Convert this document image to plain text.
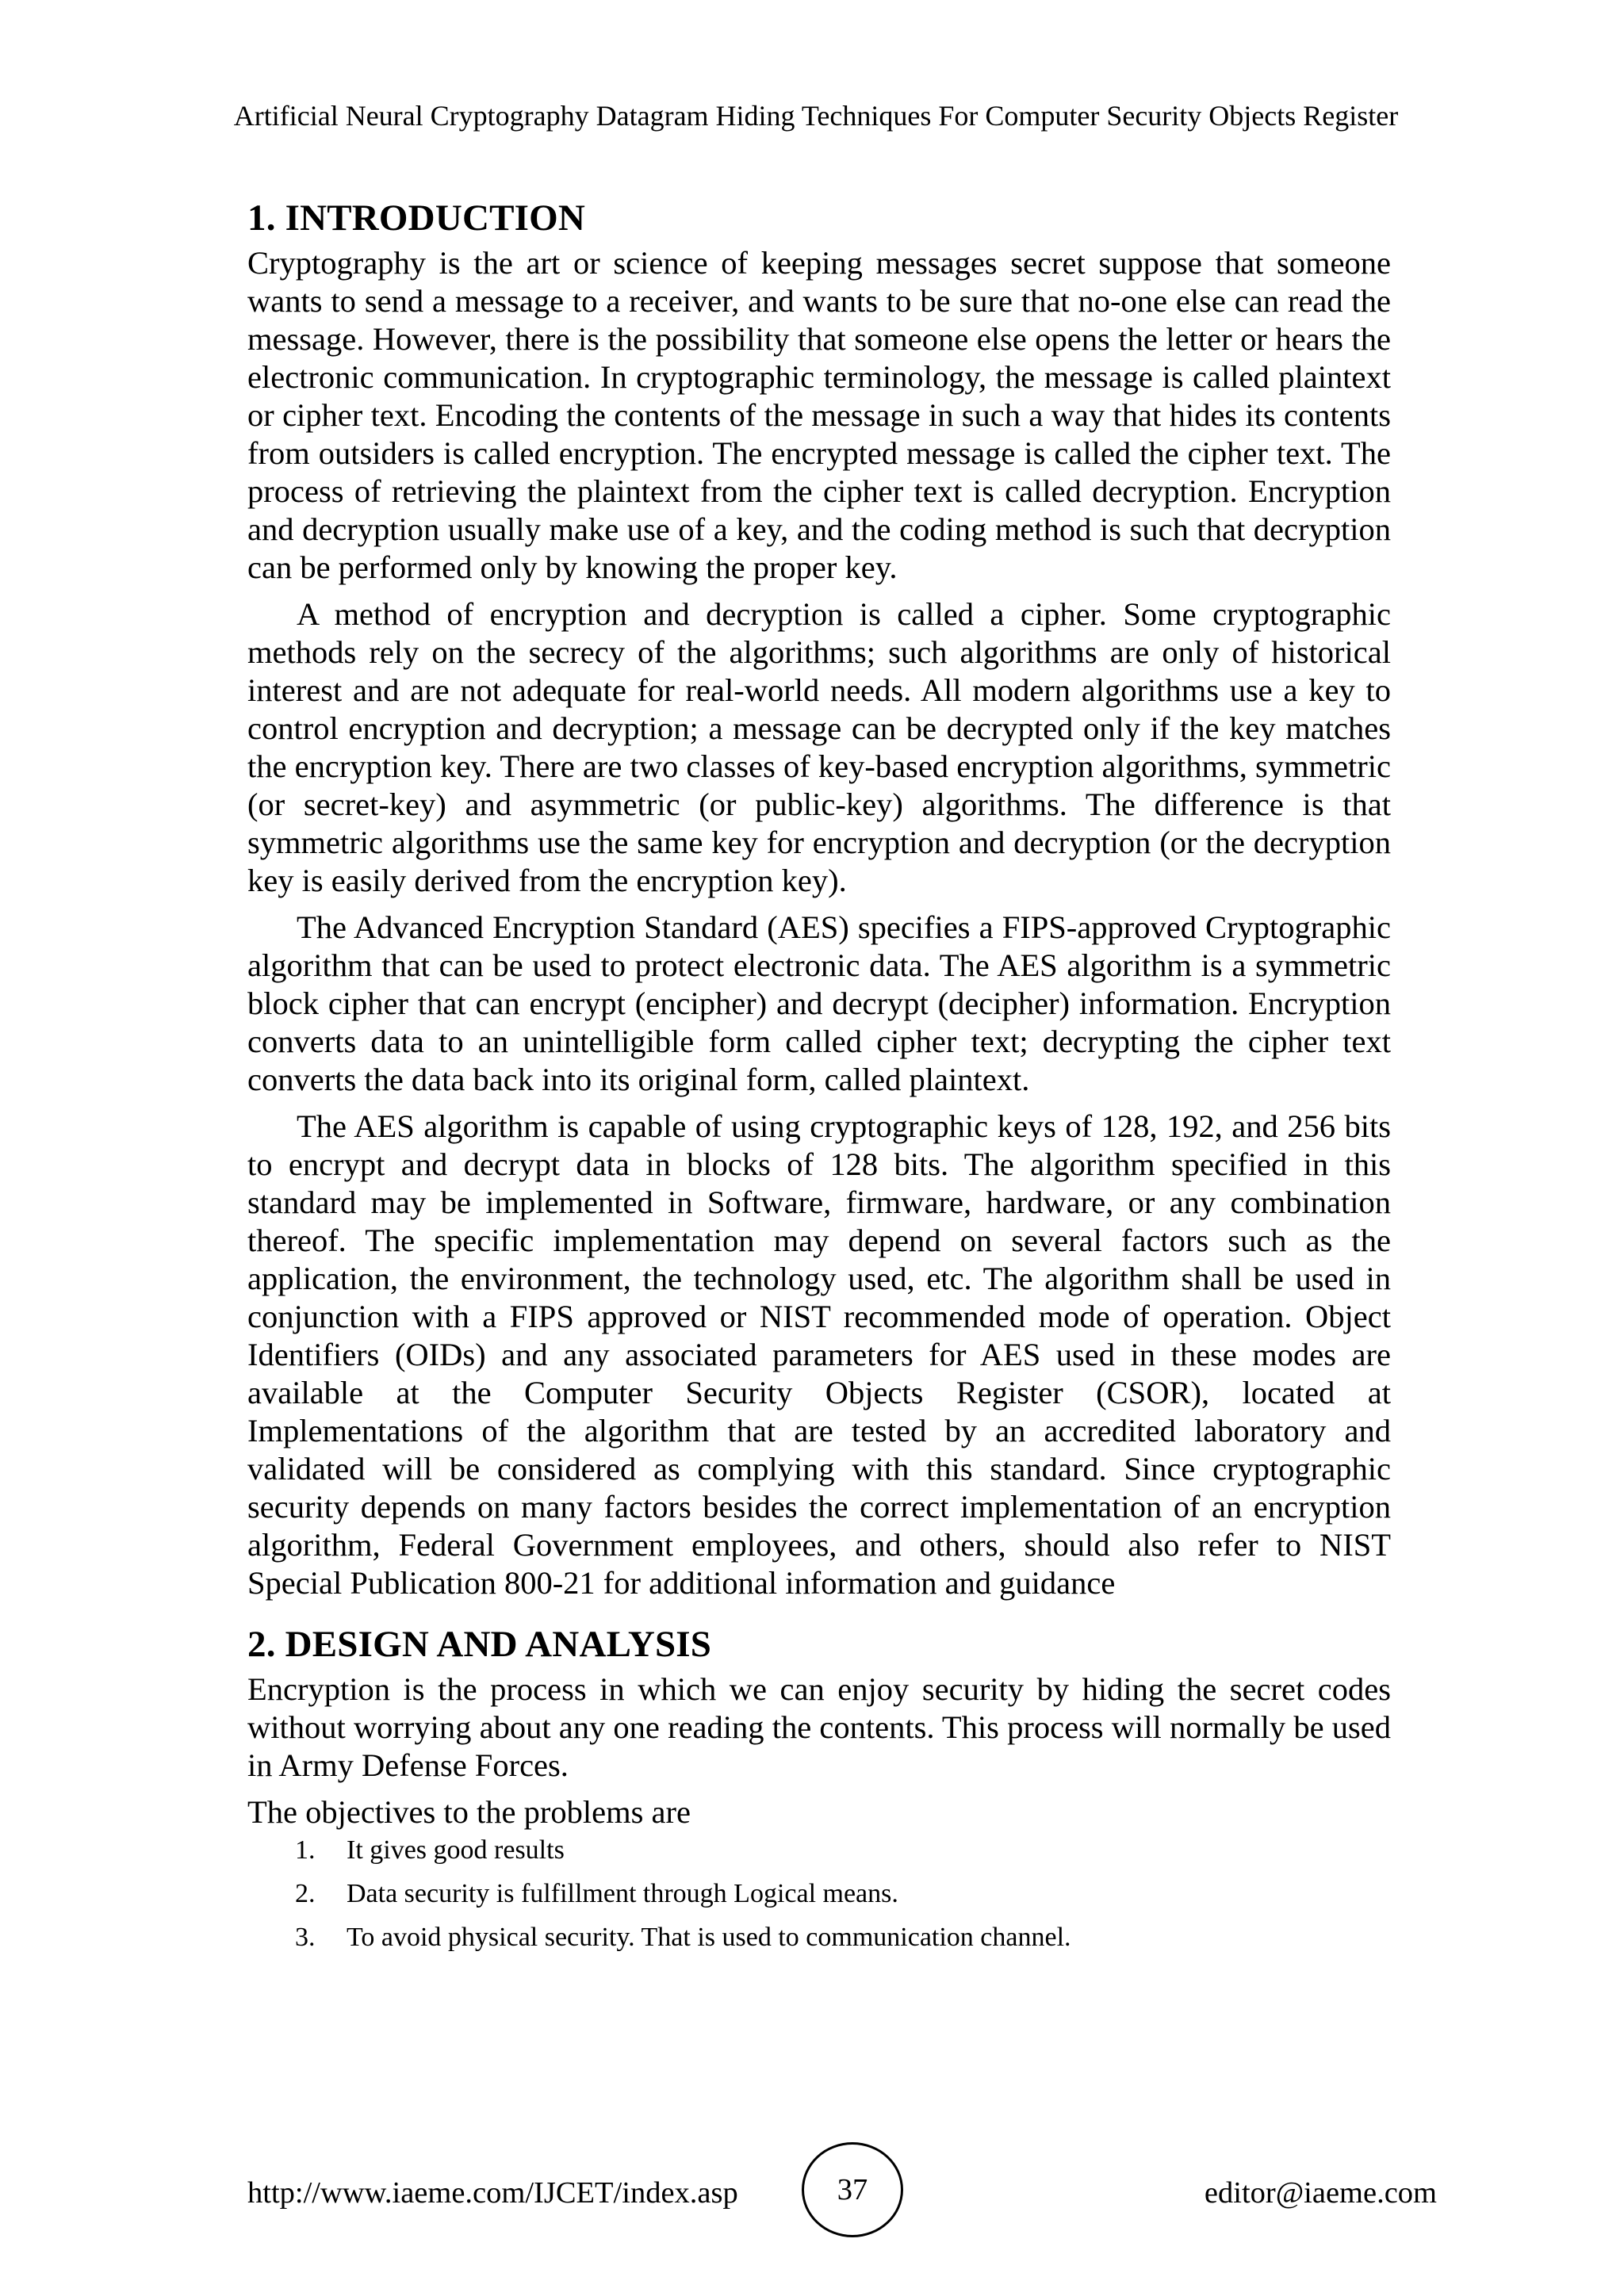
Artificial Neural Cryptography Datagram Hiding Techniques For Computer Security Objects Register
1. INTRODUCTION

Cryptography is the art or science of keeping messages secret suppose that someone wants to send a message to a receiver, and wants to be sure that no-one else can read the message. However, there is the possibility that someone else opens the letter or hears the electronic communication. In cryptographic terminology, the message is called plaintext or cipher text. Encoding the contents of the message in such a way that hides its contents from outsiders is called encryption. The encrypted message is called the cipher text. The process of retrieving the plaintext from the cipher text is called decryption. Encryption and decryption usually make use of a key, and the coding method is such that decryption can be performed only by knowing the proper key.

A method of encryption and decryption is called a cipher. Some cryptographic methods rely on the secrecy of the algorithms; such algorithms are only of historical interest and are not adequate for real-world needs. All modern algorithms use a key to control encryption and decryption; a message can be decrypted only if the key matches the encryption key. There are two classes of key-based encryption algorithms, symmetric (or secret-key) and asymmetric (or public-key) algorithms. The difference is that symmetric algorithms use the same key for encryption and decryption (or the decryption key is easily derived from the encryption key).

The Advanced Encryption Standard (AES) specifies a FIPS-approved Cryptographic algorithm that can be used to protect electronic data. The AES algorithm is a symmetric block cipher that can encrypt (encipher) and decrypt (decipher) information. Encryption converts data to an unintelligible form called cipher text; decrypting the cipher text converts the data back into its original form, called plaintext.

The AES algorithm is capable of using cryptographic keys of 128, 192, and 256 bits to encrypt and decrypt data in blocks of 128 bits. The algorithm specified in this standard may be implemented in Software, firmware, hardware, or any combination thereof. The specific implementation may depend on several factors such as the application, the environment, the technology used, etc. The algorithm shall be used in conjunction with a FIPS approved or NIST recommended mode of operation. Object Identifiers (OIDs) and any associated parameters for AES used in these modes are available at the Computer Security Objects Register (CSOR), located at Implementations of the algorithm that are tested by an accredited laboratory and validated will be considered as complying with this standard. Since cryptographic security depends on many factors besides the correct implementation of an encryption algorithm, Federal Government employees, and others, should also refer to NIST Special Publication 800-21 for additional information and guidance

2. DESIGN AND ANALYSIS

Encryption is the process in which we can enjoy security by hiding the secret codes without worrying about any one reading the contents. This process will normally be used in Army Defense Forces.

The objectives to the problems are

1. It gives good results
2. Data security is fulfillment through Logical means.
3. To avoid physical security. That is used to communication channel.
http://www.iaeme.com/IJCET/index.asp	37	editor@iaeme.com
